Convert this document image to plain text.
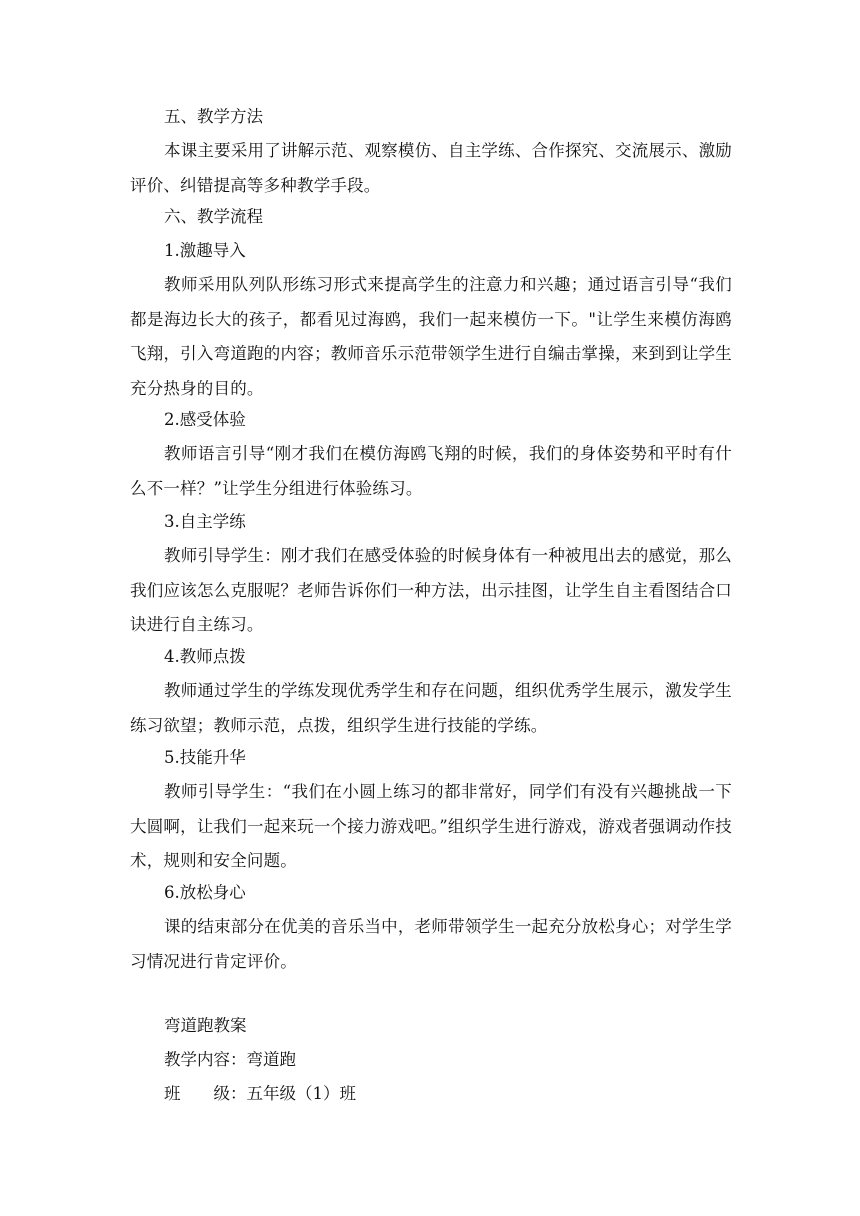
五、教学方法
本课主要采用了讲解示范、观察模仿、自主学练、合作探究、交流展示、激励评价、纠错提高等多种教学手段。
六、教学流程
1.激趣导入
教师采用队列队形练习形式来提高学生的注意力和兴趣；通过语言引导“我们都是海边长大的孩子，都看见过海鸥，我们一起来模仿一下。"让学生来模仿海鸥飞翔，引入弯道跑的内容；教师音乐示范带领学生进行自编击掌操，来到到让学生充分热身的目的。
2.感受体验
教师语言引导“刚才我们在模仿海鸥飞翔的时候，我们的身体姿势和平时有什么不一样？”让学生分组进行体验练习。
3.自主学练
教师引导学生：刚才我们在感受体验的时候身体有一种被甩出去的感觉，那么我们应该怎么克服呢？老师告诉你们一种方法，出示挂图，让学生自主看图结合口诀进行自主练习。
4.教师点拨
教师通过学生的学练发现优秀学生和存在问题，组织优秀学生展示，激发学生练习欲望；教师示范，点拨，组织学生进行技能的学练。
5.技能升华
教师引导学生：“我们在小圆上练习的都非常好，同学们有没有兴趣挑战一下大圆啊，让我们一起来玩一个接力游戏吧。”组织学生进行游戏，游戏者强调动作技术，规则和安全问题。
6.放松身心
课的结束部分在优美的音乐当中，老师带领学生一起充分放松身心；对学生学习情况进行肯定评价。
弯道跑教案
教学内容：弯道跑
班　　级：五年级（1）班
